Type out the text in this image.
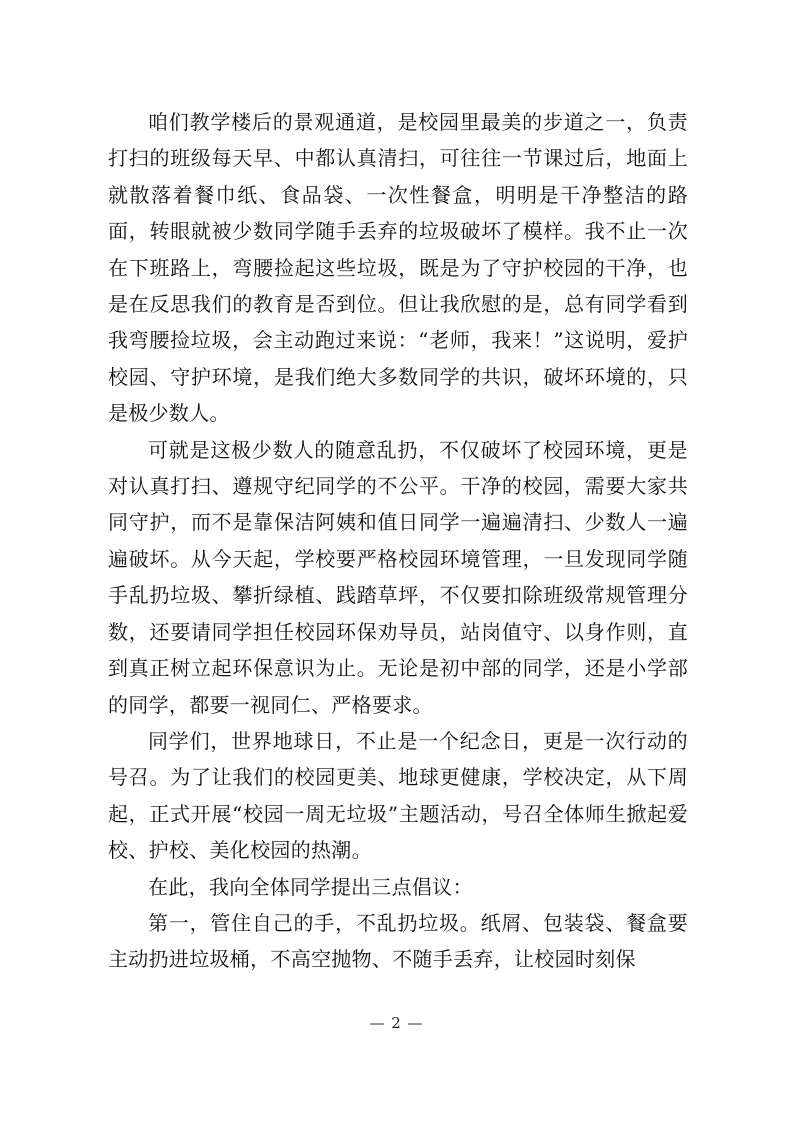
咱们教学楼后的景观通道，是校园里最美的步道之一，负责打扫的班级每天早、中都认真清扫，可往往一节课过后，地面上就散落着餐巾纸、食品袋、一次性餐盒，明明是干净整洁的路面，转眼就被少数同学随手丢弃的垃圾破坏了模样。我不止一次在下班路上，弯腰捡起这些垃圾，既是为了守护校园的干净，也是在反思我们的教育是否到位。但让我欣慰的是，总有同学看到我弯腰捡垃圾，会主动跑过来说：“老师，我来！”这说明，爱护校园、守护环境，是我们绝大多数同学的共识，破坏环境的，只是极少数人。

可就是这极少数人的随意乱扔，不仅破坏了校园环境，更是对认真打扫、遵规守纪同学的不公平。干净的校园，需要大家共同守护，而不是靠保洁阿姨和值日同学一遍遍清扫、少数人一遍遍破坏。从今天起，学校要严格校园环境管理，一旦发现同学随手乱扔垃圾、攀折绿植、践踏草坪，不仅要扣除班级常规管理分数，还要请同学担任校园环保劝导员，站岗值守、以身作则，直到真正树立起环保意识为止。无论是初中部的同学，还是小学部的同学，都要一视同仁、严格要求。

同学们，世界地球日，不止是一个纪念日，更是一次行动的号召。为了让我们的校园更美、地球更健康，学校决定，从下周起，正式开展“校园一周无垃圾”主题活动，号召全体师生掀起爱校、护校、美化校园的热潮。

在此，我向全体同学提出三点倡议：

第一，管住自己的手，不乱扔垃圾。纸屑、包装袋、餐盒要主动扔进垃圾桶，不高空抛物、不随手丢弃，让校园时刻保

— 2 —
